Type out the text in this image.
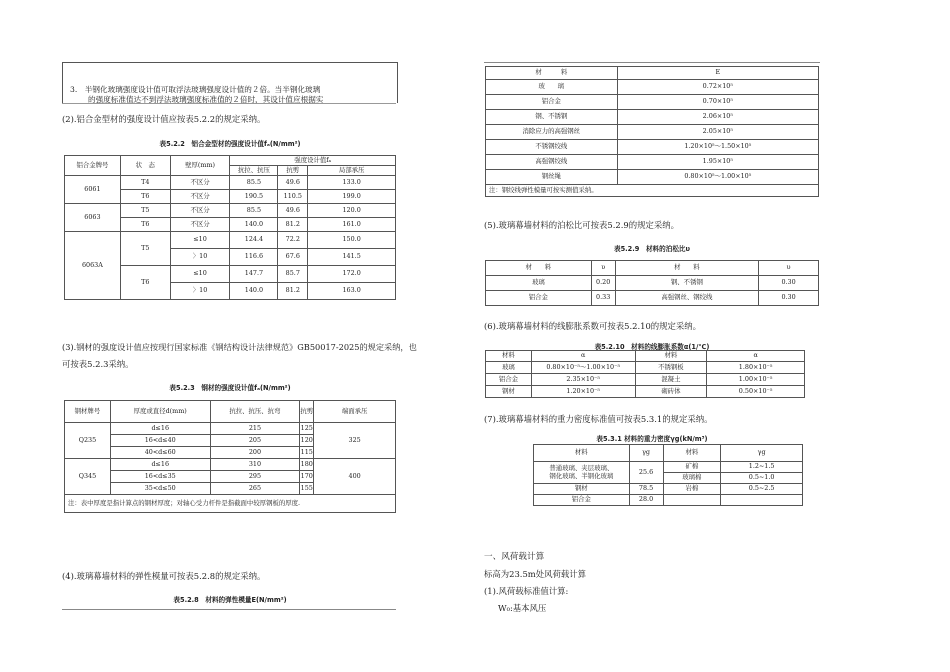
3.　半钢化玻璃强度设计值可取浮法玻璃强度设计值的２倍。当半钢化玻璃
的强度标准值达不到浮法玻璃强度标准值的２倍时，其设计值应根据实
(2).铝合金型材的强度设计值应按表5.2.2的规定采纳。
表5.2.2　铝合金型材的强度设计值fₐ(N/mm²)
铝合金牌号	状　态	壁厚(mm)	强度设计值fₐ		
			抗拉、抗压	抗剪	局部承压
6061	T4	不区分	85.5	49.6	133.0
	T6	不区分	190.5	110.5	199.0
6063	T5	不区分	85.5	49.6	120.0
	T6	不区分	140.0	81.2	161.0
6063A	T5	≤10	124.4	72.2	150.0
		〉10	116.6	67.6	141.5
	T6	≤10	147.7	85.7	172.0
		〉10	140.0	81.2	163.0
(3).钢材的强度设计值应按现行国家标准《钢结构设计法律规范》GB50017-2025的规定采纳，也
可按表5.2.3采纳。
表5.2.3　钢材的强度设计值fₐ(N/mm²)
钢材牌号	厚度或直径d(mm)	抗拉、抗压、抗弯	抗剪	端面承压
Q235	d≤16	215	125	325
	16<d≤40	205	120	
	40<d≤60	200	115	
Q345	d≤16	310	180	400
	16<d≤35	295	170	
	35<d≤50	265	155	
注：表中厚度是指计算点的钢材厚度；对轴心受力杆件是指截面中较厚钢板的厚度.				
(4).玻璃幕墙材料的弹性模量可按表5.2.8的规定采纳。
表5.2.8　材料的弹性模量E(N/mm²)
材　　　料	E
玻　　璃	0.72×10⁵
铝合金	0.70×10⁵
钢、不锈钢	2.06×10⁵
消除应力的高强钢丝	2.05×10⁵
不锈钢绞线	1.20×10⁵～1.50×10⁵
高强钢绞线	1.95×10⁵
钢丝绳	0.80×10⁵～1.00×10⁵
注：钢绞线弹性模量可按实测值采纳。	
(5).玻璃幕墙材料的泊松比可按表5.2.9的规定采纳。
表5.2.9　材料的泊松比υ
材　　料	υ	材　　料	υ
玻璃	0.20	钢、不锈钢	0.30
铝合金	0.33	高强钢丝、钢绞线	0.30
(6).玻璃幕墙材料的线膨胀系数可按表5.2.10的规定采纳。
表5.2.10　材料的线膨胀系数α(1/℃)
材料	α	材料	α
玻璃	0.80×10⁻⁵～1.00×10⁻⁵	不锈钢板	1.80×10⁻⁵
铝合金	2.35×10⁻⁵	混凝土	1.00×10⁻⁵
钢材	1.20×10⁻⁵	砌砖体	0.50×10⁻⁵
(7).玻璃幕墙材料的重力密度标准值可按表5.3.1的规定采纳。
表5.3.1 材料的重力密度γg(kN/m³)
材料	γg	材料	γg

普通玻璃、夹层玻璃、
钢化玻璃、半钢化玻璃	25.6	矿棉	1.2~1.5
		玻璃棉	0.5~1.0
钢材	78.5	岩棉	0.5~2.5
铝合金	28.0		
一、风荷载计算
标高为23.5m处风荷载计算
(1).风荷载标准值计算:
W₀:基本风压
